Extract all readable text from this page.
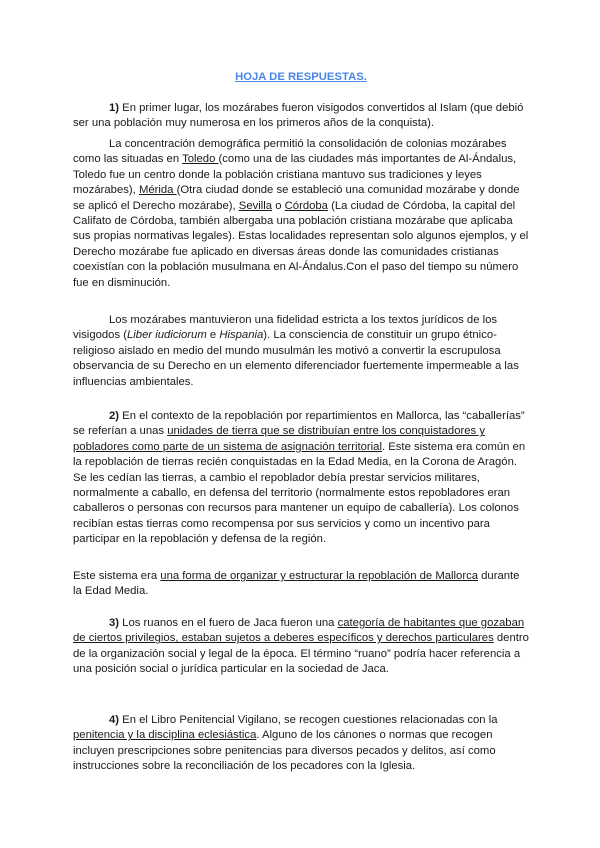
HOJA DE RESPUESTAS.

1) En primer lugar, los mozárabes fueron visigodos convertidos al Islam (que debió ser una población muy numerosa en los primeros años de la conquista).

La concentración demográfica permitió la consolidación de colonias mozárabes como las situadas en Toledo (como una de las ciudades más importantes de Al-Ándalus, Toledo fue un centro donde la población cristiana mantuvo sus tradiciones y leyes mozárabes), Mérida (Otra ciudad donde se estableció una comunidad mozárabe y donde se aplicó el Derecho mozárabe), Sevilla o Córdoba (La ciudad de Córdoba, la capital del Califato de Córdoba, también albergaba una población cristiana mozárabe que aplicaba sus propias normativas legales). Estas localidades representan solo algunos ejemplos, y el Derecho mozárabe fue aplicado en diversas áreas donde las comunidades cristianas coexistían con la población musulmana en Al-Ándalus.Con el paso del tiempo su número fue en disminución.

Los mozárabes mantuvieron una fidelidad estricta a los textos jurídicos de los visigodos (Liber iudiciorum e Hispania). La consciencia de constituir un grupo étnico-religioso aislado en medio del mundo musulmán les motivó a convertir la escrupulosa observancia de su Derecho en un elemento diferenciador fuertemente impermeable a las influencias ambientales.

2) En el contexto de la repoblación por repartimientos en Mallorca, las “caballerías” se referían a unas unidades de tierra que se distribuían entre los conquistadores y pobladores como parte de un sistema de asignación territorial. Este sistema era común en la repoblación de tierras recién conquistadas en la Edad Media, en la Corona de Aragón. Se les cedían las tierras, a cambio el repoblador debía prestar servicios militares, normalmente a caballo, en defensa del territorio (normalmente estos repobladores eran caballeros o personas con recursos para mantener un equipo de caballería). Los colonos recibían estas tierras como recompensa por sus servicios y como un incentivo para participar en la repoblación y defensa de la región.

Este sistema era una forma de organizar y estructurar la repoblación de Mallorca durante la Edad Media.

3) Los ruanos en el fuero de Jaca fueron una categoría de habitantes que gozaban de ciertos privilegios, estaban sujetos a deberes específicos y derechos particulares dentro de la organización social y legal de la época. El término “ruano” podría hacer referencia a una posición social o jurídica particular en la sociedad de Jaca.

4) En el Libro Penitencial Vigilano, se recogen cuestiones relacionadas con la penitencia y la disciplina eclesiástica. Alguno de los cánones o normas que recogen incluyen prescripciones sobre penitencias para diversos pecados y delitos, así como instrucciones sobre la reconciliación de los pecadores con la Iglesia.
